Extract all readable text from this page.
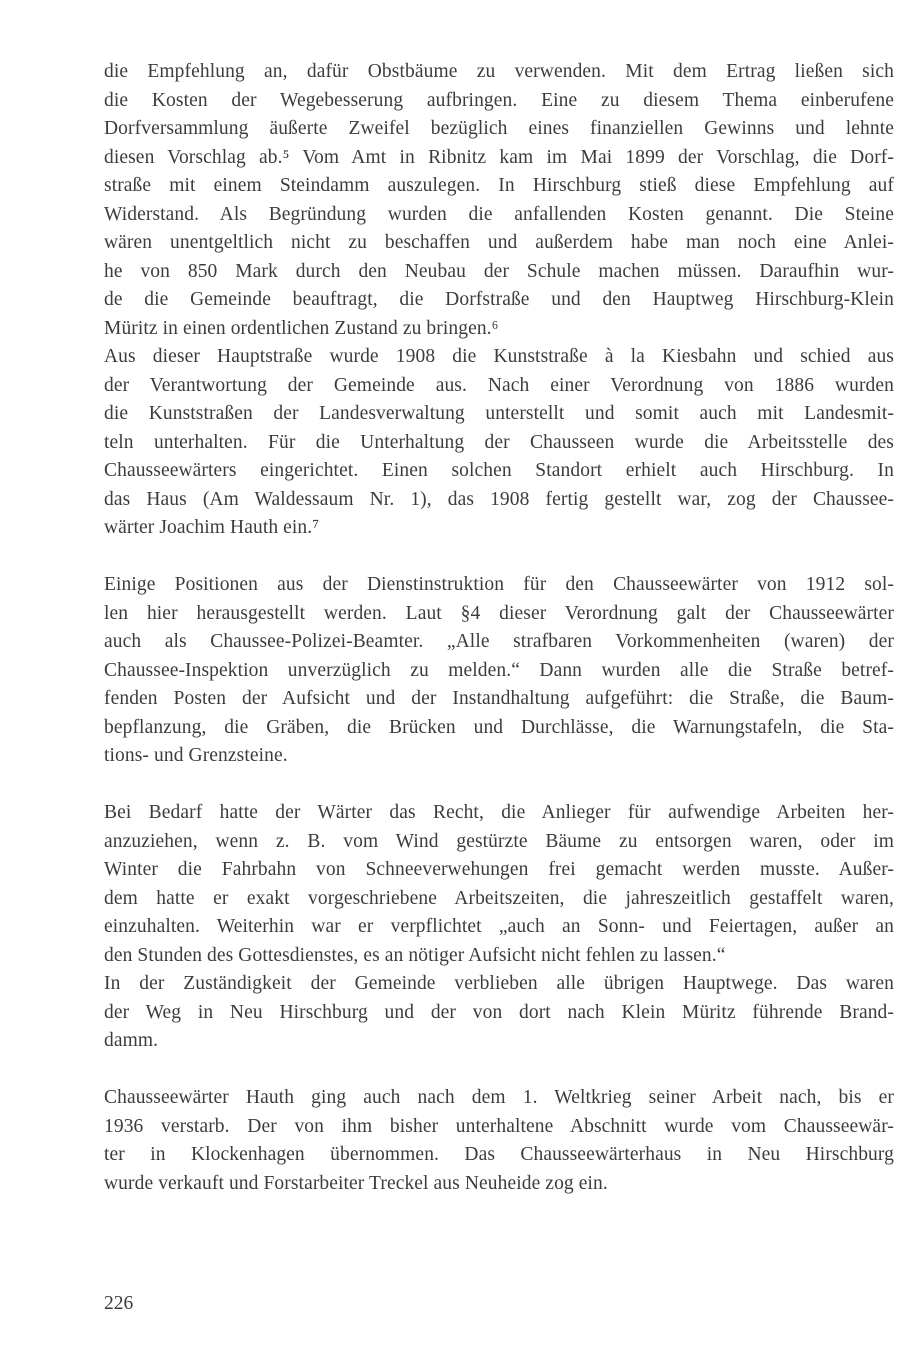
die Empfehlung an, dafür Obstbäume zu verwenden. Mit dem Ertrag ließen sich
die Kosten der Wegebesserung aufbringen. Eine zu diesem Thema einberufene
Dorfversammlung äußerte Zweifel bezüglich eines finanziellen Gewinns und lehnte
diesen Vorschlag ab.⁵ Vom Amt in Ribnitz kam im Mai 1899 der Vorschlag, die Dorf-
straße mit einem Steindamm auszulegen. In Hirschburg stieß diese Empfehlung auf
Widerstand. Als Begründung wurden die anfallenden Kosten genannt. Die Steine
wären unentgeltlich nicht zu beschaffen und außerdem habe man noch eine Anlei-
he von 850 Mark durch den Neubau der Schule machen müssen. Daraufhin wur-
de die Gemeinde beauftragt, die Dorfstraße und den Hauptweg Hirschburg-Klein
Müritz in einen ordentlichen Zustand zu bringen.⁶
Aus dieser Hauptstraße wurde 1908 die Kunststraße à la Kiesbahn und schied aus
der Verantwortung der Gemeinde aus. Nach einer Verordnung von 1886 wurden
die Kunststraßen der Landesverwaltung unterstellt und somit auch mit Landesmit-
teln unterhalten. Für die Unterhaltung der Chausseen wurde die Arbeitsstelle des
Chausseewärters eingerichtet. Einen solchen Standort erhielt auch Hirschburg. In
das Haus (Am Waldessaum Nr. 1), das 1908 fertig gestellt war, zog der Chaussee-
wärter Joachim Hauth ein.⁷
Einige Positionen aus der Dienstinstruktion für den Chausseewärter von 1912 sol-
len hier herausgestellt werden. Laut §4 dieser Verordnung galt der Chausseewärter
auch als Chaussee-Polizei-Beamter. „Alle strafbaren Vorkommenheiten (waren) der
Chaussee-Inspektion unverzüglich zu melden.“ Dann wurden alle die Straße betref-
fenden Posten der Aufsicht und der Instandhaltung aufgeführt: die Straße, die Baum-
bepflanzung, die Gräben, die Brücken und Durchlässe, die Warnungstafeln, die Sta-
tions- und Grenzsteine.
Bei Bedarf hatte der Wärter das Recht, die Anlieger für aufwendige Arbeiten her-
anzuziehen, wenn z. B. vom Wind gestürzte Bäume zu entsorgen waren, oder im
Winter die Fahrbahn von Schneeverwehungen frei gemacht werden musste. Außer-
dem hatte er exakt vorgeschriebene Arbeitszeiten, die jahreszeitlich gestaffelt waren,
einzuhalten. Weiterhin war er verpflichtet „auch an Sonn- und Feiertagen, außer an
den Stunden des Gottesdienstes, es an nötiger Aufsicht nicht fehlen zu lassen.“
In der Zuständigkeit der Gemeinde verblieben alle übrigen Hauptwege. Das waren
der Weg in Neu Hirschburg und der von dort nach Klein Müritz führende Brand-
damm.
Chausseewärter Hauth ging auch nach dem 1. Weltkrieg seiner Arbeit nach, bis er
1936 verstarb. Der von ihm bisher unterhaltene Abschnitt wurde vom Chausseewär-
ter in Klockenhagen übernommen. Das Chausseewärterhaus in Neu Hirschburg
wurde verkauft und Forstarbeiter Treckel aus Neuheide zog ein.
226
